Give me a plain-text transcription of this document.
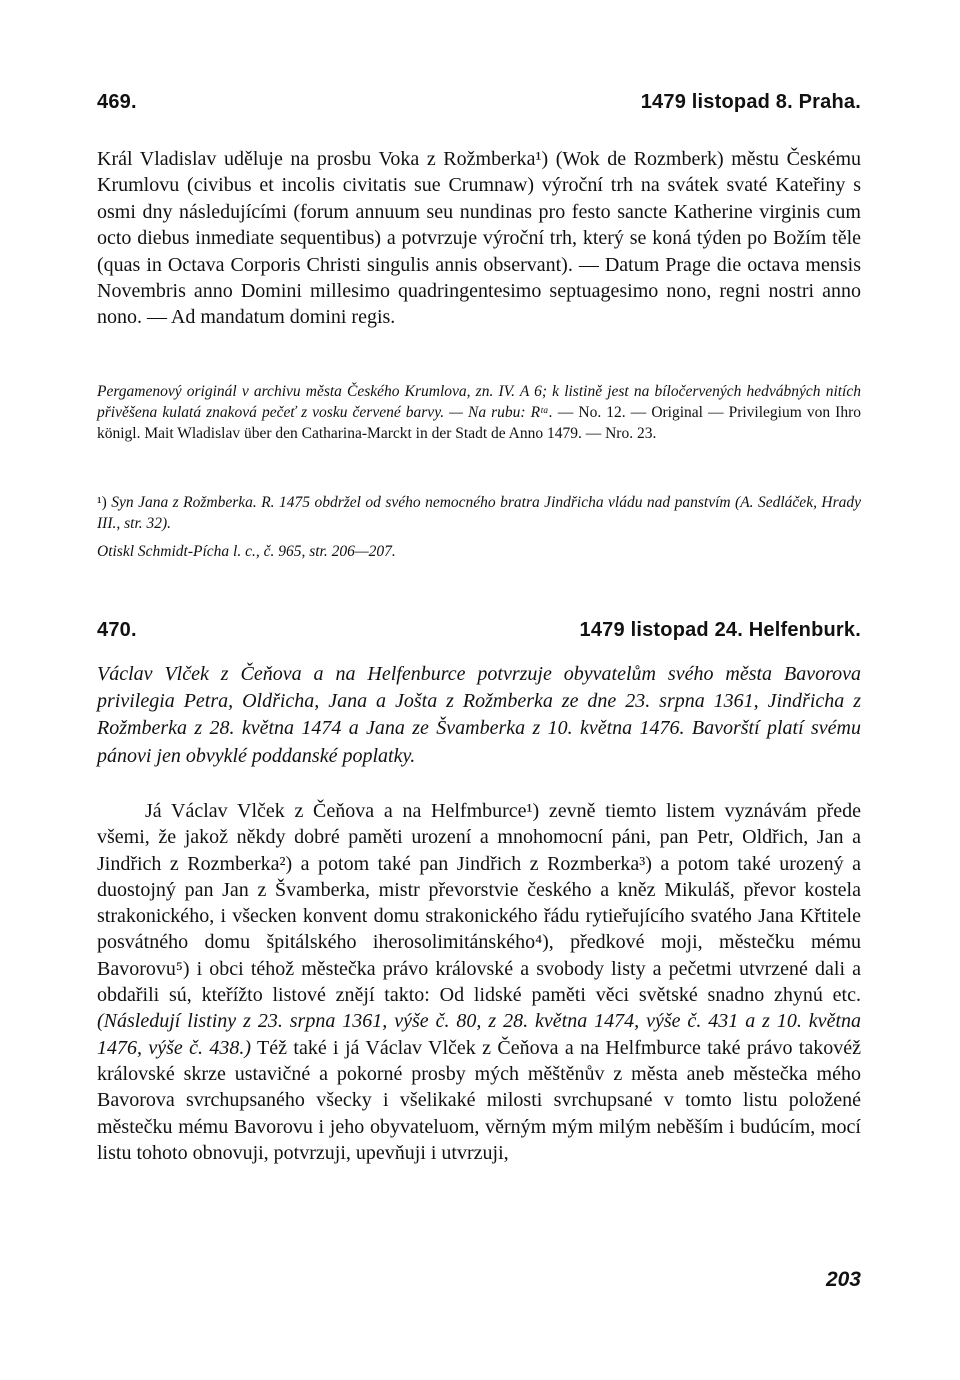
469.	1479 listopad 8. Praha.

Král Vladislav uděluje na prosbu Voka z Rožmberka¹) (Wok de Rozmberk) městu Českému Krumlovu (civibus et incolis civitatis sue Crumnaw) výroční trh na svátek svaté Kateřiny s osmi dny následujícími (forum annuum seu nundinas pro festo sancte Katherine virginis cum octo diebus inmediate sequentibus) a potvrzuje výroční trh, který se koná týden po Božím těle (quas in Octava Corporis Christi singulis annis observant). — Datum Prage die octava mensis Novembris anno Domini millesimo quadringentesimo septuagesimo nono, regni nostri anno nono. — Ad mandatum domini regis.

Pergamenový originál v archivu města Českého Krumlova, zn. IV. A 6; k listině jest na bíločervených hedvábných nitích přivěšena kulatá znaková pečeť z vosku červené barvy. — Na rubu: Rᵗᵃ. — No. 12. — Original — Privilegium von Ihro königl. Mait Wladislav über den Catharina-Marckt in der Stadt de Anno 1479. — Nro. 23.

¹) Syn Jana z Rožmberka. R. 1475 obdržel od svého nemocného bratra Jindřicha vládu nad panstvím (A. Sedláček, Hrady III., str. 32).

Otiskl Schmidt-Pícha l. c., č. 965, str. 206—207.
470.	1479 listopad 24. Helfenburk.

Václav Vlček z Čeňova a na Helfenburce potvrzuje obyvatelům svého města Bavorova privilegia Petra, Oldřicha, Jana a Jošta z Rožmberka ze dne 23. srpna 1361, Jindřicha z Rožmberka z 28. května 1474 a Jana ze Švamberka z 10. května 1476. Bavorští platí svému pánovi jen obvyklé poddanské poplatky.

Já Václav Vlček z Čeňova a na Helfmburce¹) zevně tiemto listem vyznávám přede všemi, že jakož někdy dobré paměti urození a mnohomocní páni, pan Petr, Oldřich, Jan a Jindřich z Rozmberka²) a potom také pan Jindřich z Rozmberka³) a potom také urozený a duostojný pan Jan z Švamberka, mistr převorstvie českého a kněz Mikuláš, převor kostela strakonického, i všecken konvent domu strakonického řádu rytieřujícího svatého Jana Křtitele posvátného domu špitálského iherosolimitánského⁴), předkové moji, městečku mému Bavorovu⁵) i obci téhož městečka právo královské a svobody listy a pečetmi utvrzené dali a obdařili sú, kteřížto listové znějí takto: Od lidské paměti věci světské snadno zhynú etc. (Následují listiny z 23. srpna 1361, výše č. 80, z 28. května 1474, výše č. 431 a z 10. května 1476, výše č. 438.) Též také i já Václav Vlček z Čeňova a na Helfmburce také právo takovéž královské skrze ustavičné a pokorné prosby mých měštěnův z města aneb městečka mého Bavorova svrchupsaného všecky i všelikaké milosti svrchupsané v tomto listu položené městečku mému Bavorovu i jeho obyvateluom, věrným mým milým neběším i budúcím, mocí listu tohoto obnovuji, potvrzuji, upevňuji i utvrzuji,

203
